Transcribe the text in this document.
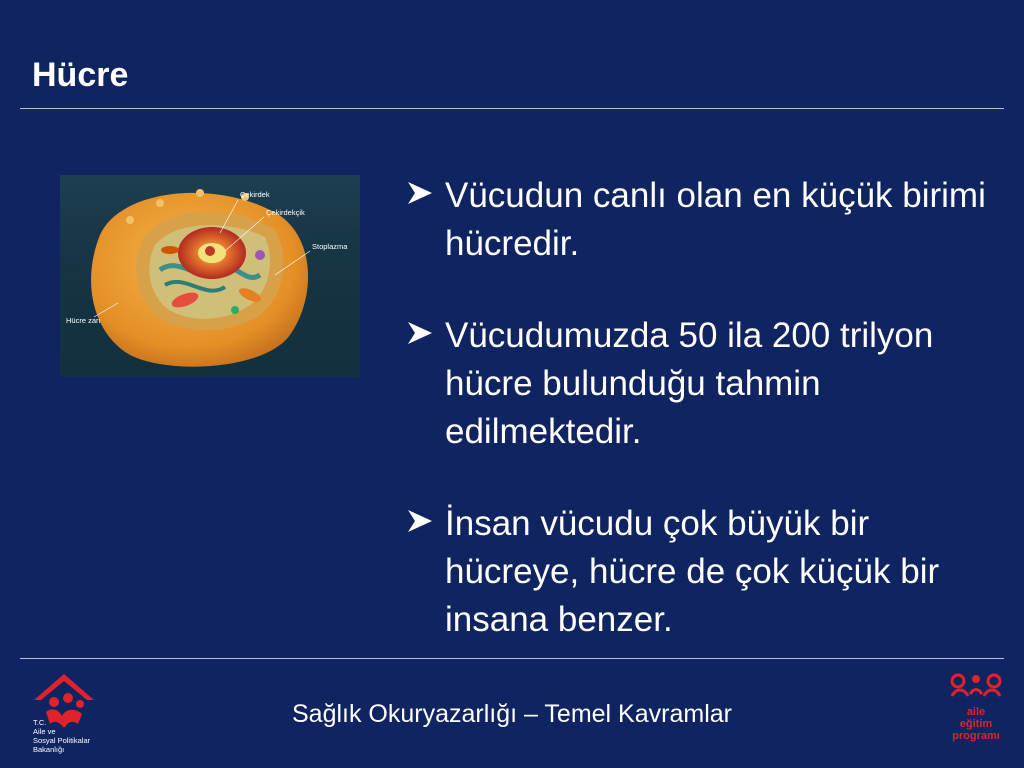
Hücre
Çekirdek
Çekirdekçik
Stoplazma
Hücre zarı
Vücudun canlı olan en küçük birimi hücredir.
Vücudumuzda 50 ila 200 trilyon hücre bulunduğu tahmin edilmektedir.
İnsan vücudu çok büyük bir hücreye, hücre de çok küçük bir insana benzer.
T.C.
Aile ve
Sosyal Politikalar
Bakanlığı
Sağlık Okuryazarlığı – Temel Kavramlar	aile
eğitim
programı
